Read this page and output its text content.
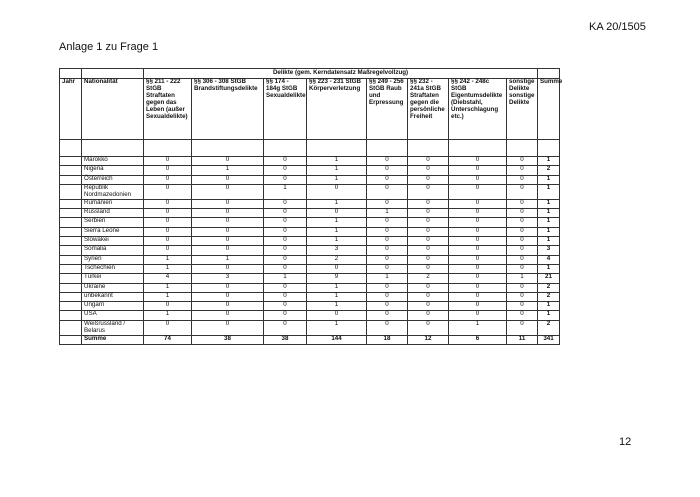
KA 20/1505
Anlage 1 zu Frage 1
		Delikte (gem. Kerndatensatz Maßregelvollzug)								
Jahr	Nationalität	§§ 211 - 222 StGB Straftaten gegen das Leben (außer Sexualdelikte)	§§ 306 - 308 StGB Brandstiftungsdelikte	§§ 174 - 184g StGB Sexualdelikte	§§ 223 - 231 StGB Körperverletzung	§§ 249 - 256 StGB Raub und Erpressung	§§ 232 - 241a StGB Straftaten gegen die persönliche Freiheit	§§ 242 - 248c StGB Eigentumsdelikte (Diebstahl, Unterschlagung etc.)	sonstige Delikte sonstige Delikte	Summe

	Marokko	0	0	0	1	0	0	0	0	1
	Nigeria	0	1	0	1	0	0	0	0	2
	Österreich	0	0	0	1	0	0	0	0	1
	Republik Nordmazedonien	0	0	1	0	0	0	0	0	1
	Rumänien	0	0	0	1	0	0	0	0	1
	Russland	0	0	0	0	1	0	0	0	1
	Serbien	0	0	0	1	0	0	0	0	1
	Sierra Leone	0	0	0	1	0	0	0	0	1
	Slowakei	0	0	0	1	0	0	0	0	1
	Somalia	0	0	0	3	0	0	0	0	3
	Syrien	1	1	0	2	0	0	0	0	4
	Tschechien	1	0	0	0	0	0	0	0	1
	Türkei	4	3	1	9	1	2	0	1	21
	Ukraine	1	0	0	1	0	0	0	0	2
	unbekannt	1	0	0	1	0	0	0	0	2
	Ungarn	0	0	0	1	0	0	0	0	1
	USA	1	0	0	0	0	0	0	0	1
	Weißrussland / Belarus	0	0	0	1	0	0	1	0	2
	Summe	74	38	38	144	18	12	6	11	341
12
